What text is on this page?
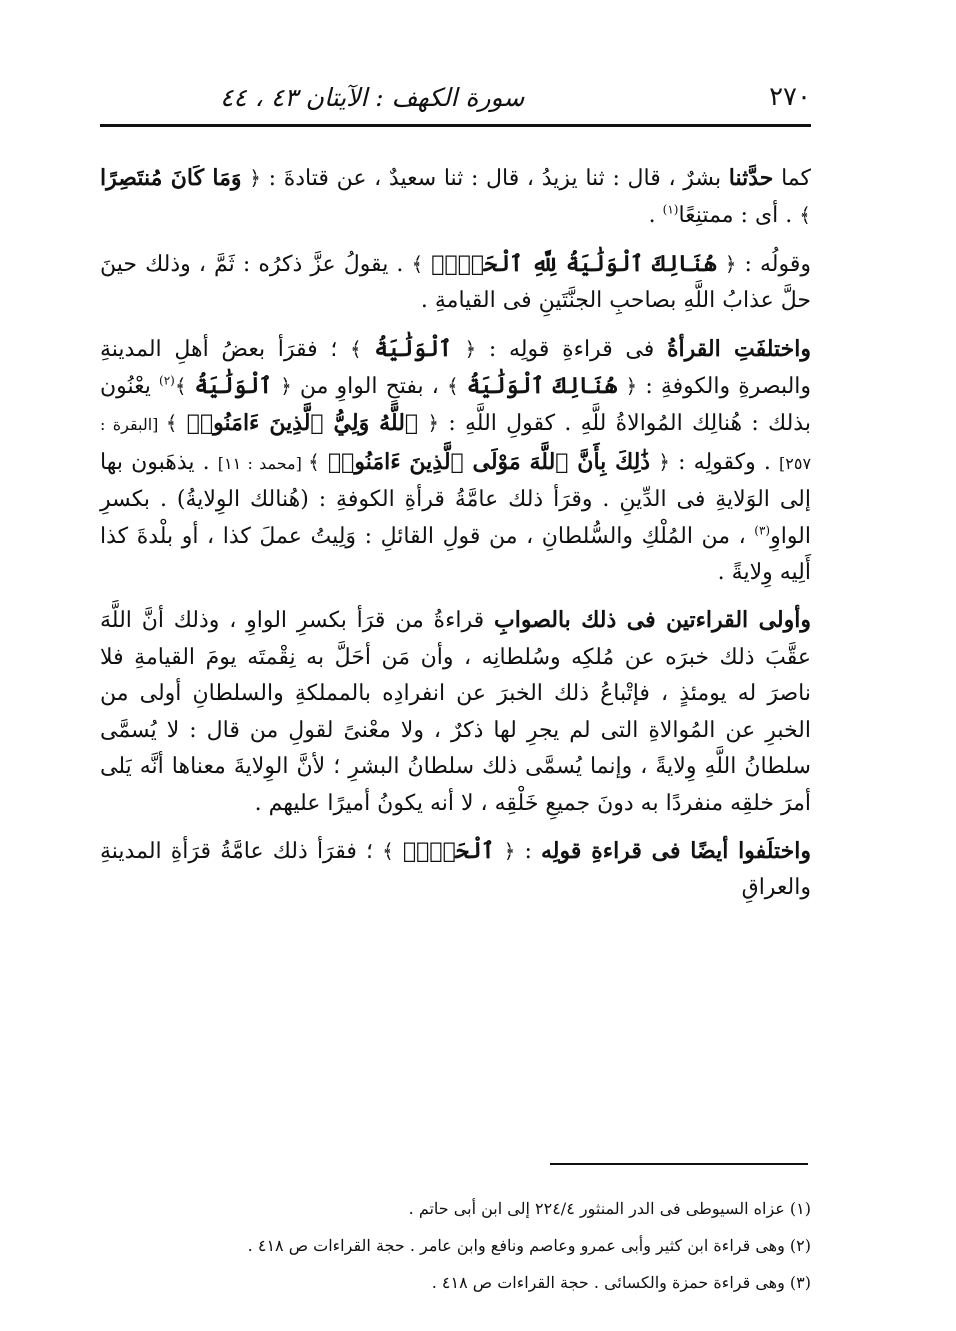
٢٧٠
سورة الكهف : الآيتان ٤٣ ، ٤٤

كما حدَّثنا بشرٌ ، قال : ثنا يزيدُ ، قال : ثنا سعيدٌ ، عن قتادةَ : ﴿ وَمَا كَانَ مُنتَصِرًا ﴾ . أى : ممتنِعًا$^{(١)}$ .

وقولُه : ﴿ هُنَالِكَ ٱلْوَلَٰيَةُ لِلَّهِ ٱلْحَقِّۚ ﴾ . يقولُ عزَّ ذكرُه : ثَمَّ ، وذلك حينَ حلَّ عذابُ اللَّهِ بصاحبِ الجنَّتَينِ فى القيامةِ .

واختلفَتِ القرأةُ فى قراءةِ قولِه : ﴿ ٱلْوَلَٰيَةُ ﴾ ؛ فقرَأ بعضُ أهلِ المدينةِ والبصرةِ والكوفةِ : ﴿ هُنَالِكَ ٱلْوَلَٰيَةُ ﴾ ، بفتحِ الواوِ من ﴿ ٱلْوَلَٰيَةُ ﴾$^{(٢)}$ يعْنُون بذلك : هُنالِك المُوالاةُ للَّهِ . كقولِ اللَّهِ : ﴿ ٱللَّهُ وَلِيُّ ٱلَّذِينَ ءَامَنُوا۟ ﴾ [البقرة : ٢٥٧] . وكقولِه : ﴿ ذَٰلِكَ بِأَنَّ ٱللَّهَ مَوْلَى ٱلَّذِينَ ءَامَنُوا۟ ﴾ [محمد : ١١] . يذهَبون بها إلى الوَلايةِ فى الدِّينِ . وقرَأ ذلك عامَّةُ قرأةِ الكوفةِ : (هُنالك الوِلايةُ) . بكسرِ الواوِ$^{(٣)}$ ، من المُلْكِ والسُّلطانِ ، من قولِ القائلِ : وَلِيتُ عملَ كذا ، أو بلْدةَ كذا أَلِيه وِلايةً .

وأولى القراءتين فى ذلك بالصوابِ قراءةُ من قرَأ بكسرِ الواوِ ، وذلك أنَّ اللَّهَ عقَّبَ ذلك خبرَه عن مُلكِه وسُلطانِه ، وأن مَن أحَلَّ به نِقْمتَه يومَ القيامةِ فلا ناصرَ له يومئذٍ ، فإتْباعُ ذلك الخبرَ عن انفرادِه بالمملكةِ والسلطانِ أولى من الخبرِ عن المُوالاةِ التى لم يجرِ لها ذكرٌ ، ولا معْنىً لقولِ من قال : لا يُسمَّى سلطانُ اللَّهِ وِلايةً ، وإنما يُسمَّى ذلك سلطانُ البشرِ ؛ لأنَّ الوِلايةَ معناها أنَّه يَلى أمرَ خلقِه منفردًا به دونَ جميعِ خَلْقِه ، لا أنه يكونُ أميرًا عليهم .

واختلَفوا أيضًا فى قراءةِ قولِه : ﴿ ٱلْحَقِّۚ ﴾ ؛ فقرَأ ذلك عامَّةُ قرَأةِ المدينةِ والعراقِ

(١) عزاه السيوطى فى الدر المنثور ٢٢٤/٤ إلى ابن أبى حاتم .

(٢) وهى قراءة ابن كثير وأبى عمرو وعاصم ونافع وابن عامر . حجة القراءات ص ٤١٨ .

(٣) وهى قراءة حمزة والكسائى . حجة القراءات ص ٤١٨ .
